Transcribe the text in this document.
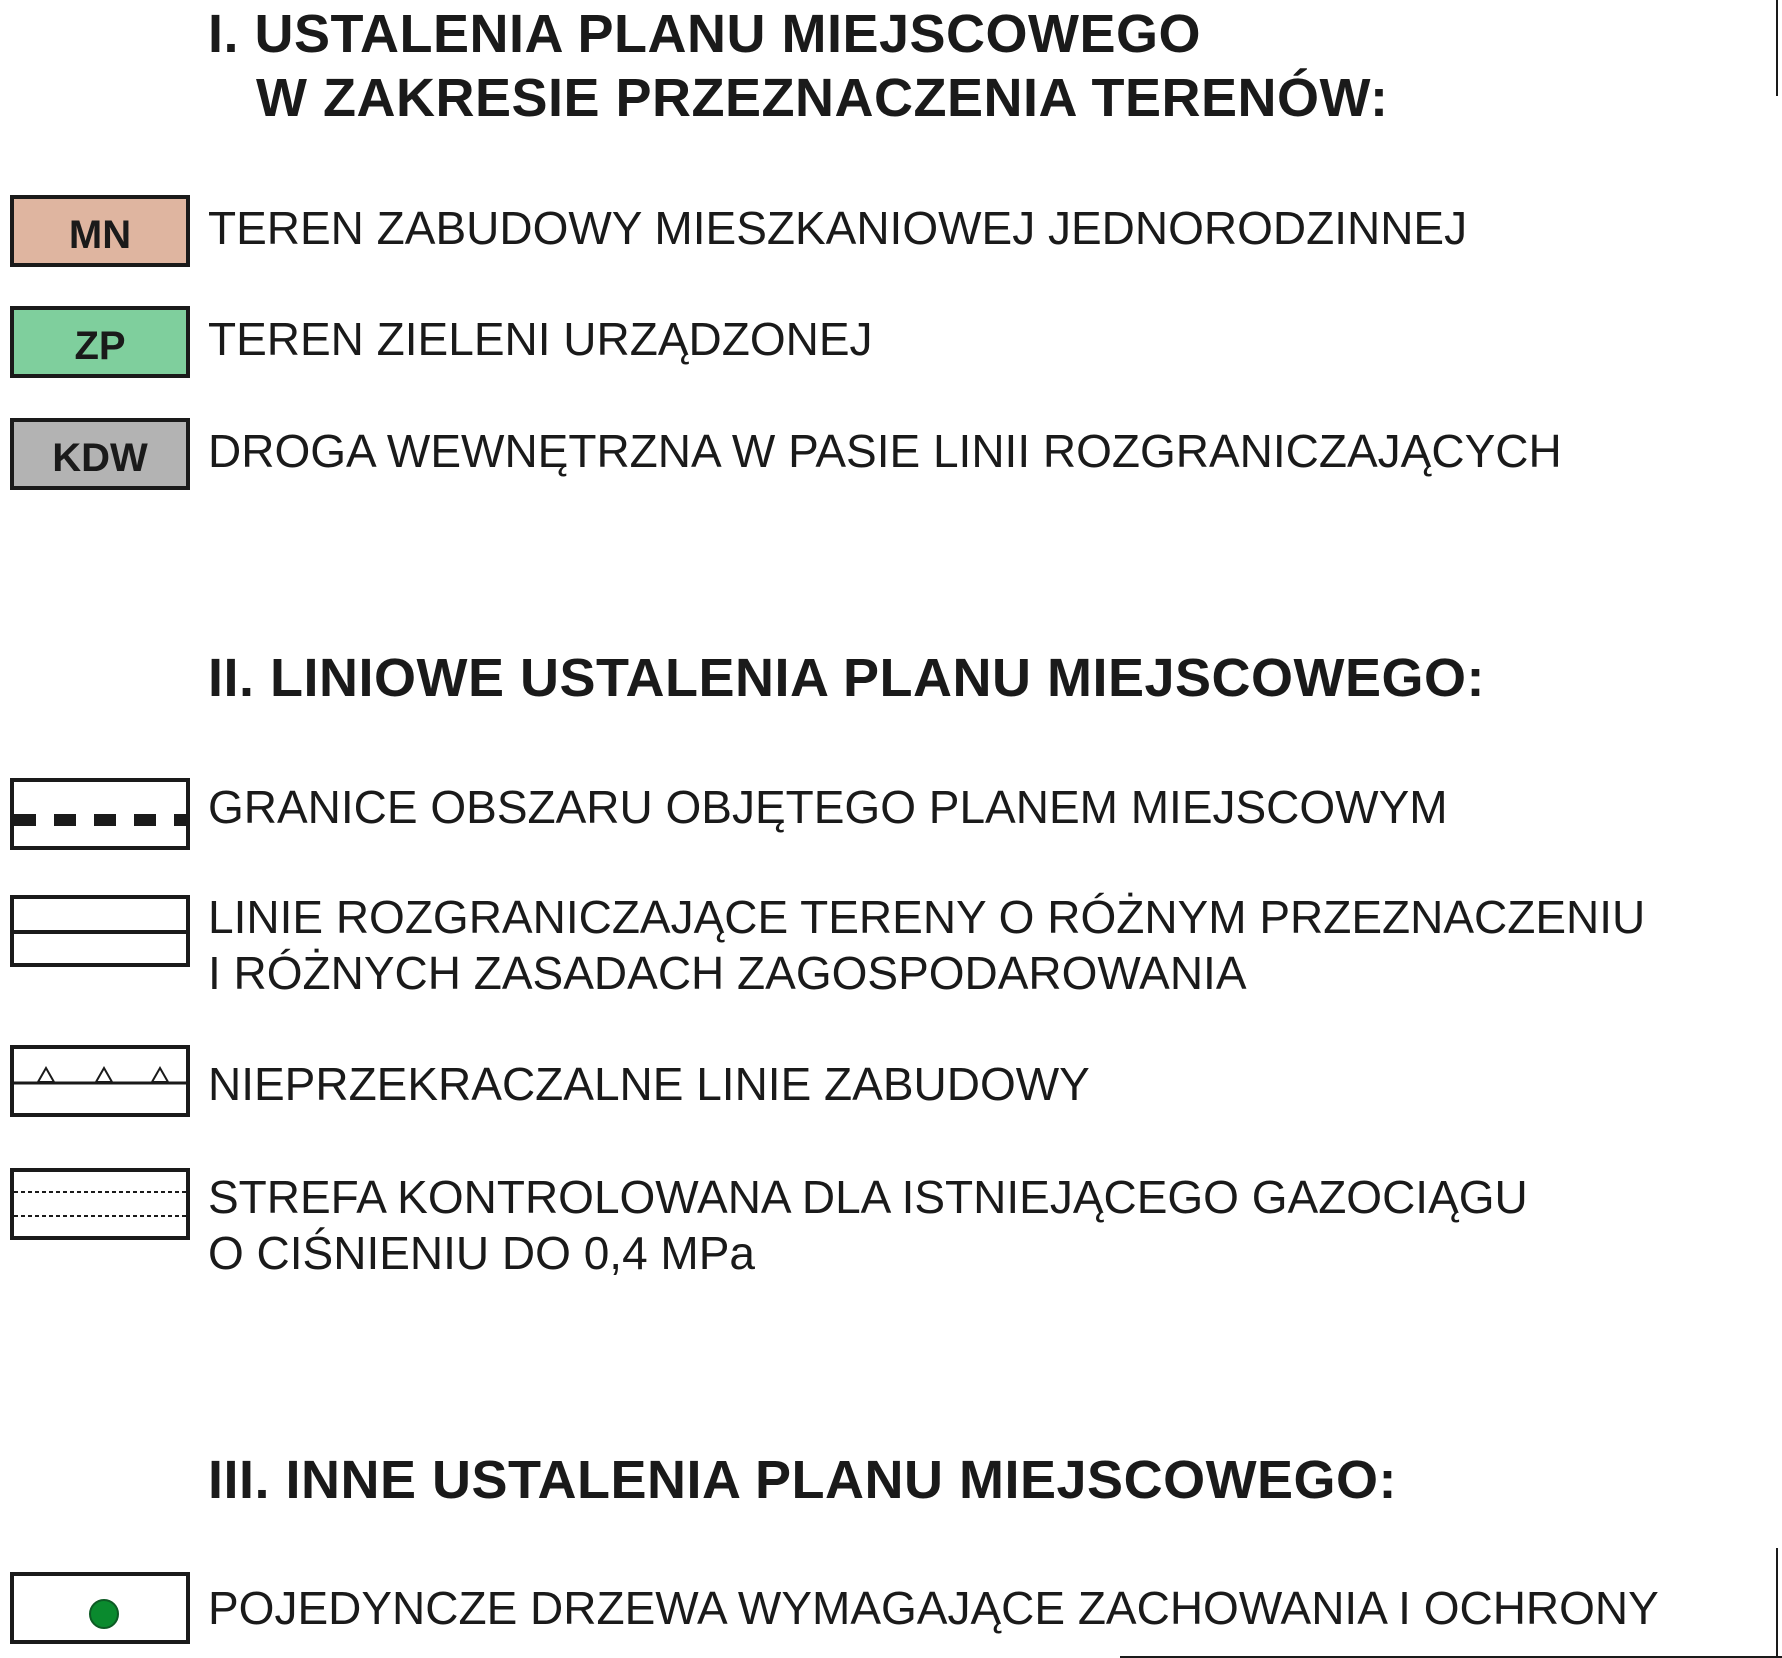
I. USTALENIA PLANU MIEJSCOWEGO
W ZAKRESIE PRZEZNACZENIA TERENÓW:
MN	TEREN ZABUDOWY MIESZKANIOWEJ JEDNORODZINNEJ
ZP	TEREN ZIELENI URZĄDZONEJ
KDW	DROGA WEWNĘTRZNA W PASIE LINII ROZGRANICZAJĄCYCH
II. LINIOWE USTALENIA PLANU MIEJSCOWEGO:
GRANICE OBSZARU OBJĘTEGO PLANEM MIEJSCOWYM
LINIE ROZGRANICZAJĄCE TERENY O RÓŻNYM PRZEZNACZENIU
I RÓŻNYCH ZASADACH ZAGOSPODAROWANIA
NIEPRZEKRACZALNE LINIE ZABUDOWY
STREFA KONTROLOWANA DLA ISTNIEJĄCEGO GAZOCIĄGU
O CIŚNIENIU DO 0,4 MPa
III. INNE USTALENIA PLANU MIEJSCOWEGO:
POJEDYNCZE DRZEWA WYMAGAJĄCE ZACHOWANIA I OCHRONY
